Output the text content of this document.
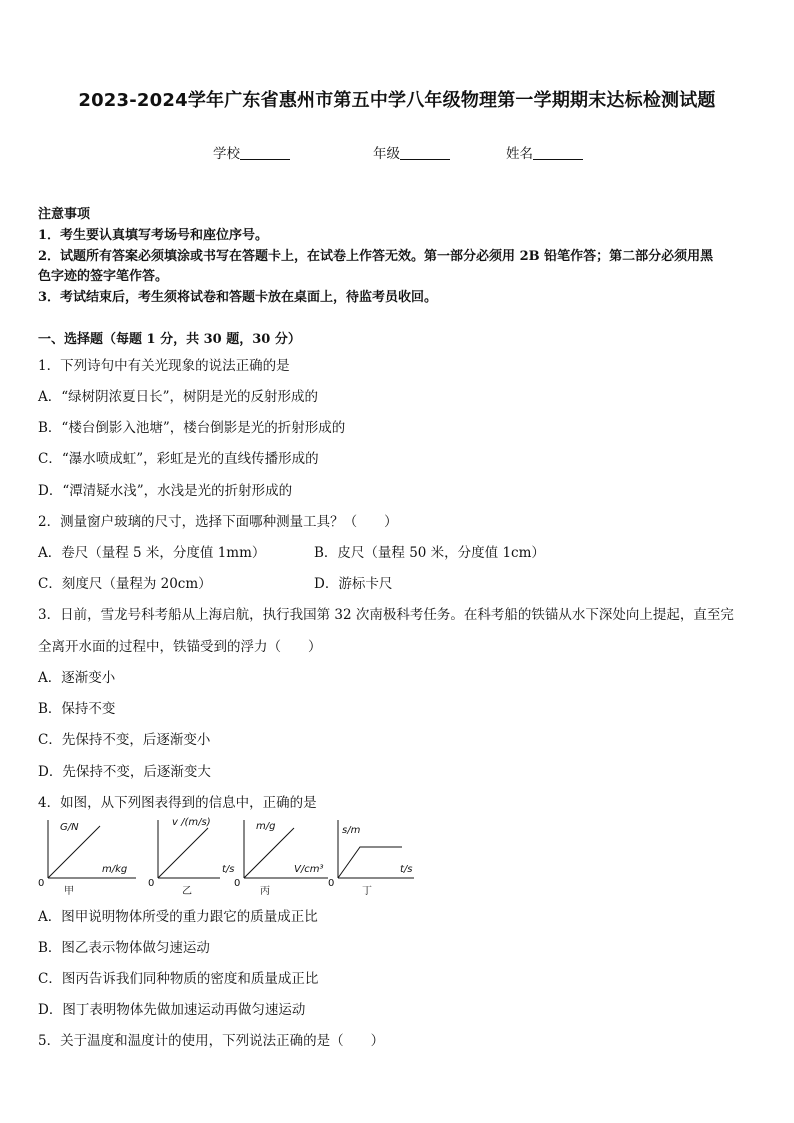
2023-2024学年广东省惠州市第五中学八年级物理第一学期期末达标检测试题
学校	年级	姓名
注意事项
1．考生要认真填写考场号和座位序号。
2．试题所有答案必须填涂或书写在答题卡上，在试卷上作答无效。第一部分必须用 2B 铅笔作答；第二部分必须用黑
色字迹的签字笔作答。
3．考试结束后，考生须将试卷和答题卡放在桌面上，待监考员收回。
一、选择题（每题 1 分，共 30 题，30 分）
1．下列诗句中有关光现象的说法正确的是
A．“绿树阴浓夏日长”，树阴是光的反射形成的
B．“楼台倒影入池塘”，楼台倒影是光的折射形成的
C．“瀑水喷成虹”，彩虹是光的直线传播形成的
D．“潭清疑水浅”，水浅是光的折射形成的
2．测量窗户玻璃的尺寸，选择下面哪种测量工具？（　　）
A．卷尺（量程 5 米，分度值 1mm）	B．皮尺（量程 50 米，分度值 1cm）
C．刻度尺（量程为 20cm）	D．游标卡尺
3．日前，雪龙号科考船从上海启航，执行我国第 32 次南极科考任务。在科考船的铁锚从水下深处向上提起，直至完
全离开水面的过程中，铁锚受到的浮力（　　）
A．逐渐变小
B．保持不变
C．先保持不变，后逐渐变小
D．先保持不变，后逐渐变大
4．如图，从下列图表得到的信息中，正确的是
G/N
m/kg
0
甲
v /(m/s)
t/s
0
乙
m/g
V/cm³
0
丙
s/m
t/s
0
丁
A．图甲说明物体所受的重力跟它的质量成正比
B．图乙表示物体做匀速运动
C．图丙告诉我们同种物质的密度和质量成正比
D．图丁表明物体先做加速运动再做匀速运动
5．关于温度和温度计的使用，下列说法正确的是（　　）
